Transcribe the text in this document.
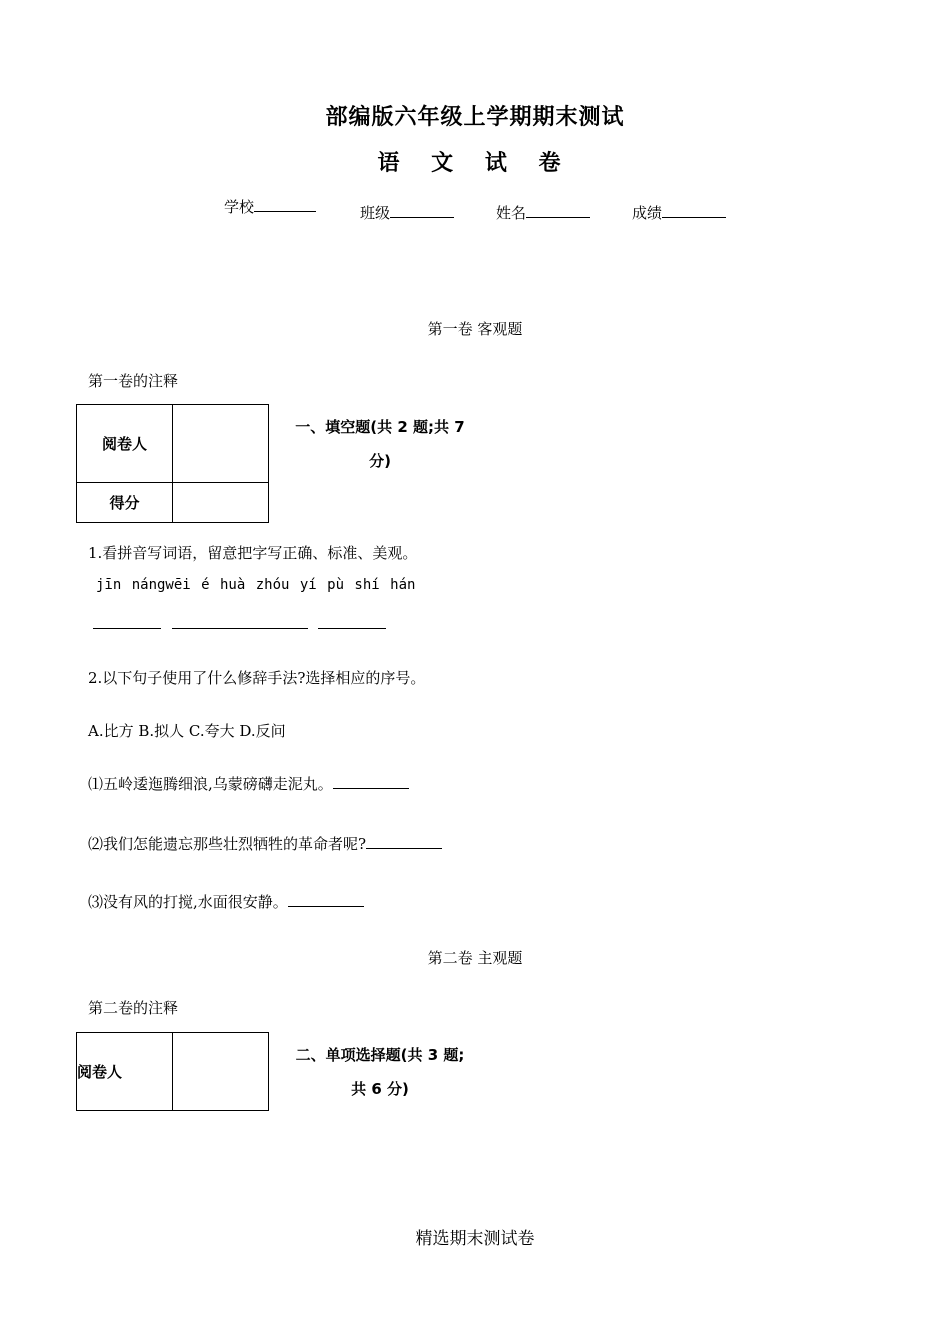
部编版六年级上学期期末测试
语 文 试 卷
学校	班级	姓名	成绩
第一卷 客观题
第一卷的注释
阅卷人	
得分	
一、填空题(共 2 题;共 7
分)
1.看拼音写词语，留意把字写正确、标准、美观。
jīn nángwēi é huà zhóu yí pù shí hán
2.以下句子使用了什么修辞手法?选择相应的序号。
A.比方 B.拟人 C.夸大 D.反问
⑴五岭逶迤腾细浪,乌蒙磅礴走泥丸。
⑵我们怎能遗忘那些壮烈牺牲的革命者呢?
⑶没有风的打搅,水面很安静。
第二卷 主观题
第二卷的注释
阅卷人	
二、单项选择题(共 3 题;
共 6 分)
精选期末测试卷
